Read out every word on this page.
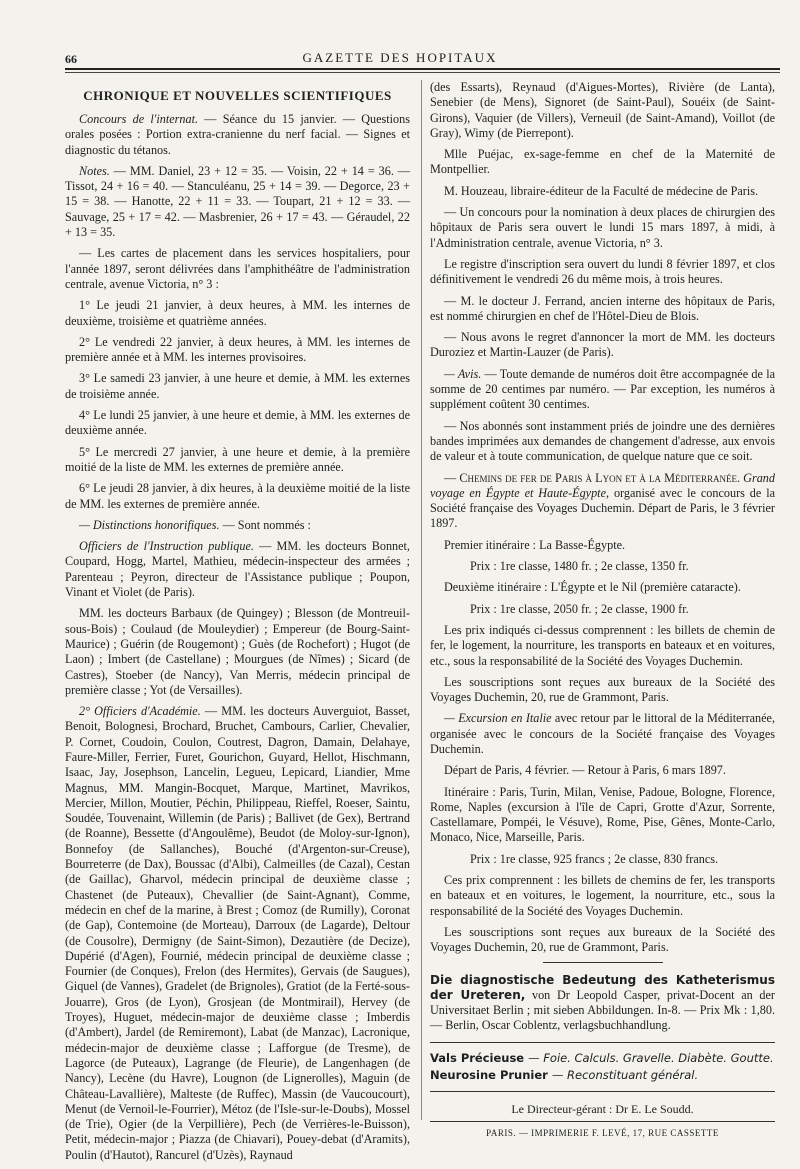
66	GAZETTE DES HOPITAUX
CHRONIQUE ET NOUVELLES SCIENTIFIQUES

Concours de l'internat. — Séance du 15 janvier. — Questions orales posées : Portion extra-cranienne du nerf facial. — Signes et diagnostic du tétanos.

Notes. — MM. Daniel, 23 + 12 = 35. — Voisin, 22 + 14 = 36. — Tissot, 24 + 16 = 40. — Stanculéanu, 25 + 14 = 39. — Degorce, 23 + 15 = 38. — Hanotte, 22 + 11 = 33. — Toupart, 21 + 12 = 33. — Sauvage, 25 + 17 = 42. — Masbrenier, 26 + 17 = 43. — Géraudel, 22 + 13 = 35.

— Les cartes de placement dans les services hospitaliers, pour l'année 1897, seront délivrées dans l'amphithéâtre de l'administration centrale, avenue Victoria, n° 3 :

1° Le jeudi 21 janvier, à deux heures, à MM. les internes de deuxième, troisième et quatrième années.

2° Le vendredi 22 janvier, à deux heures, à MM. les internes de première année et à MM. les internes provisoires.

3° Le samedi 23 janvier, à une heure et demie, à MM. les externes de troisième année.

4° Le lundi 25 janvier, à une heure et demie, à MM. les externes de deuxième année.

5° Le mercredi 27 janvier, à une heure et demie, à la première moitié de la liste de MM. les externes de première année.

6° Le jeudi 28 janvier, à dix heures, à la deuxième moitié de la liste de MM. les externes de première année.

— Distinctions honorifiques. — Sont nommés :

Officiers de l'Instruction publique. — MM. les docteurs Bonnet, Coupard, Hogg, Martel, Mathieu, médecin-inspecteur des armées ; Parenteau ; Peyron, directeur de l'Assistance publique ; Poupon, Vinant et Violet (de Paris).

MM. les docteurs Barbaux (de Quingey) ; Blesson (de Montreuil-sous-Bois) ; Coulaud (de Mouleydier) ; Empereur (de Bourg-Saint-Maurice) ; Guérin (de Rougemont) ; Guès (de Rochefort) ; Hugot (de Laon) ; Imbert (de Castellane) ; Mourgues (de Nîmes) ; Sicard (de Castres), Stoeber (de Nancy), Van Merris, médecin principal de première classe ; Yot (de Versailles).

2° Officiers d'Académie. — MM. les docteurs Auverguiot, Basset, Benoit, Bolognesi, Brochard, Bruchet, Cambours, Carlier, Chevalier, P. Cornet, Coudoin, Coulon, Coutrest, Dagron, Damain, Delahaye, Faure-Miller, Ferrier, Furet, Gourichon, Guyard, Hellot, Hischmann, Isaac, Jay, Josephson, Lancelin, Legueu, Lepicard, Liandier, Mme Magnus, MM. Mangin-Bocquet, Marque, Martinet, Mavrikos, Mercier, Millon, Moutier, Péchin, Philippeau, Rieffel, Roeser, Saintu, Soudée, Touvenaint, Willemin (de Paris) ; Ballivet (de Gex), Bertrand (de Roanne), Bessette (d'Angoulême), Beudot (de Moloy-sur-Ignon), Bonnefoy (de Sallanches), Bouché (d'Argenton-sur-Creuse), Bourreterre (de Dax), Boussac (d'Albi), Calmeilles (de Cazal), Cestan (de Gaillac), Gharvol, médecin principal de deuxième classe ; Chastenet (de Puteaux), Chevallier (de Saint-Agnant), Comme, médecin en chef de la marine, à Brest ; Comoz (de Rumilly), Coronat (de Gap), Contemoine (de Morteau), Darroux (de Lagarde), Deltour (de Cousolre), Dermigny (de Saint-Simon), Dezautière (de Decize), Dupérié (d'Agen), Fournié, médecin principal de deuxième classe ; Fournier (de Conques), Frelon (des Hermites), Gervais (de Saugues), Giquel (de Vannes), Gradelet (de Brignoles), Gratiot (de la Ferté-sous-Jouarre), Gros (de Lyon), Grosjean (de Montmirail), Hervey (de Troyes), Huguet, médecin-major de deuxième classe ; Imberdis (d'Ambert), Jardel (de Remiremont), Labat (de Manzac), Lacronique, médecin-major de deuxième classe ; Lafforgue (de Tresme), de Lagorce (de Puteaux), Lagrange (de Fleurie), de Langenhagen (de Nancy), Lecène (du Havre), Lougnon (de Lignerolles), Maguin (de Château-Lavallière), Malteste (de Ruffec), Massin (de Vaucoucourt), Menut (de Vernoil-le-Fourrier), Métoz (de l'Isle-sur-le-Doubs), Mossel (de Trie), Ogier (de la Verpillière), Pech (de Verrières-le-Buisson), Petit, médecin-major ; Piazza (de Chiavari), Pouey-debat (d'Aramits), Poulin (d'Hautot), Rancurel (d'Uzès), Raynaud

(des Essarts), Reynaud (d'Aigues-Mortes), Rivière (de Lanta), Senebier (de Mens), Signoret (de Saint-Paul), Souéix (de Saint-Girons), Vaquier (de Villers), Verneuil (de Saint-Amand), Voillot (de Gray), Wimy (de Pierrepont).

Mlle Puéjac, ex-sage-femme en chef de la Maternité de Montpellier.

M. Houzeau, libraire-éditeur de la Faculté de médecine de Paris.

— Un concours pour la nomination à deux places de chirurgien des hôpitaux de Paris sera ouvert le lundi 15 mars 1897, à midi, à l'Administration centrale, avenue Victoria, n° 3.

Le registre d'inscription sera ouvert du lundi 8 février 1897, et clos définitivement le vendredi 26 du même mois, à trois heures.

— M. le docteur J. Ferrand, ancien interne des hôpitaux de Paris, est nommé chirurgien en chef de l'Hôtel-Dieu de Blois.

— Nous avons le regret d'annoncer la mort de MM. les docteurs Duroziez et Martin-Lauzer (de Paris).

— Avis. — Toute demande de numéros doit être accompagnée de la somme de 20 centimes par numéro. — Par exception, les numéros à supplément coûtent 30 centimes.

— Nos abonnés sont instamment priés de joindre une des dernières bandes imprimées aux demandes de changement d'adresse, aux envois de valeur et à toute communication, de quelque nature que ce soit.

— Chemins de fer de Paris à Lyon et à la Méditerranée. Grand voyage en Égypte et Haute-Égypte, organisé avec le concours de la Société française des Voyages Duchemin. Départ de Paris, le 3 février 1897.

Premier itinéraire : La Basse-Égypte.

Prix : 1re classe, 1480 fr. ; 2e classe, 1350 fr.

Deuxième itinéraire : L'Égypte et le Nil (première cataracte).

Prix : 1re classe, 2050 fr. ; 2e classe, 1900 fr.

Les prix indiqués ci-dessus comprennent : les billets de chemin de fer, le logement, la nourriture, les transports en bateaux et en voitures, etc., sous la responsabilité de la Société des Voyages Duchemin.

Les souscriptions sont reçues aux bureaux de la Société des Voyages Duchemin, 20, rue de Grammont, Paris.

— Excursion en Italie avec retour par le littoral de la Méditerranée, organisée avec le concours de la Société française des Voyages Duchemin.

Départ de Paris, 4 février. — Retour à Paris, 6 mars 1897.

Itinéraire : Paris, Turin, Milan, Venise, Padoue, Bologne, Florence, Rome, Naples (excursion à l'île de Capri, Grotte d'Azur, Sorrente, Castellamare, Pompéi, le Vésuve), Rome, Pise, Gênes, Monte-Carlo, Monaco, Nice, Marseille, Paris.

Prix : 1re classe, 925 francs ; 2e classe, 830 francs.

Ces prix comprennent : les billets de chemins de fer, les transports en bateaux et en voitures, le logement, la nourriture, etc., sous la responsabilité de la Société des Voyages Duchemin.

Les souscriptions sont reçues aux bureaux de la Société des Voyages Duchemin, 20, rue de Grammont, Paris.

Die diagnostische Bedeutung des Katheterismus der Ureteren, von Dr Leopold Casper, privat-Docent an der Universitaet Berlin ; mit sieben Abbildungen. In-8. — Prix Mk : 1,80. — Berlin, Oscar Coblentz, verlagsbuchhandlung.

Vals Précieuse — Foie. Calculs. Gravelle. Diabète. Goutte.

Neurosine Prunier — Reconstituant général.

Le Directeur-gérant : Dr E. Le Soudd.
PARIS. — IMPRIMERIE F. LEVÉ, 17, RUE CASSETTE
